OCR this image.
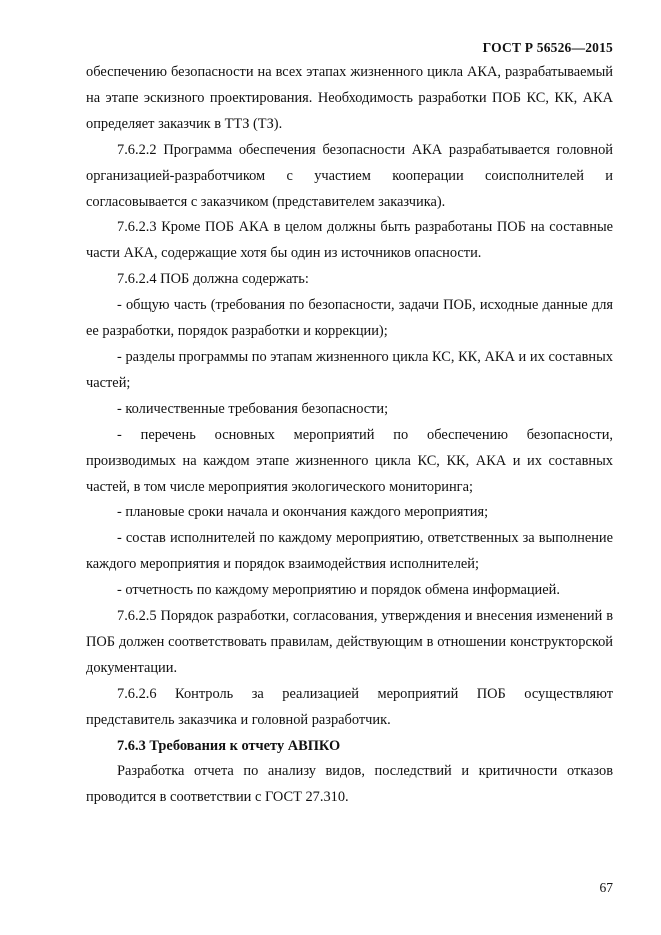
ГОСТ Р 56526—2015

обеспечению безопасности на всех этапах жизненного цикла АКА, разрабатываемый на этапе эскизного проектирования. Необходимость разработки ПОБ КС, КК, АКА определяет заказчик в ТТЗ (ТЗ).

7.6.2.2 Программа обеспечения безопасности АКА разрабатывается головной организацией-разработчиком с участием кооперации соисполнителей и согласовывается с заказчиком (представителем заказчика).

7.6.2.3 Кроме ПОБ АКА в целом должны быть разработаны ПОБ на составные части АКА, содержащие хотя бы один из источников опасности.

7.6.2.4 ПОБ должна содержать:

- общую часть (требования по безопасности, задачи ПОБ, исходные данные для ее разработки, порядок разработки и коррекции);

- разделы программы по этапам жизненного цикла КС, КК, АКА и их составных частей;

- количественные требования безопасности;

- перечень основных мероприятий по обеспечению безопасности, производимых на каждом этапе жизненного цикла КС, КК, АКА и их составных частей, в том числе мероприятия экологического мониторинга;

- плановые сроки начала и окончания каждого мероприятия;

- состав исполнителей по каждому мероприятию, ответственных за выполнение каждого мероприятия и порядок взаимодействия исполнителей;

- отчетность по каждому мероприятию и порядок обмена информацией.

7.6.2.5 Порядок разработки, согласования, утверждения и внесения изменений в ПОБ должен соответствовать правилам, действующим в отношении конструкторской документации.

7.6.2.6 Контроль за реализацией мероприятий ПОБ осуществляют представитель заказчика и головной разработчик.

7.6.3 Требования к отчету АВПКО

Разработка отчета по анализу видов, последствий и критичности отказов проводится в соответствии с ГОСТ 27.310.

67
